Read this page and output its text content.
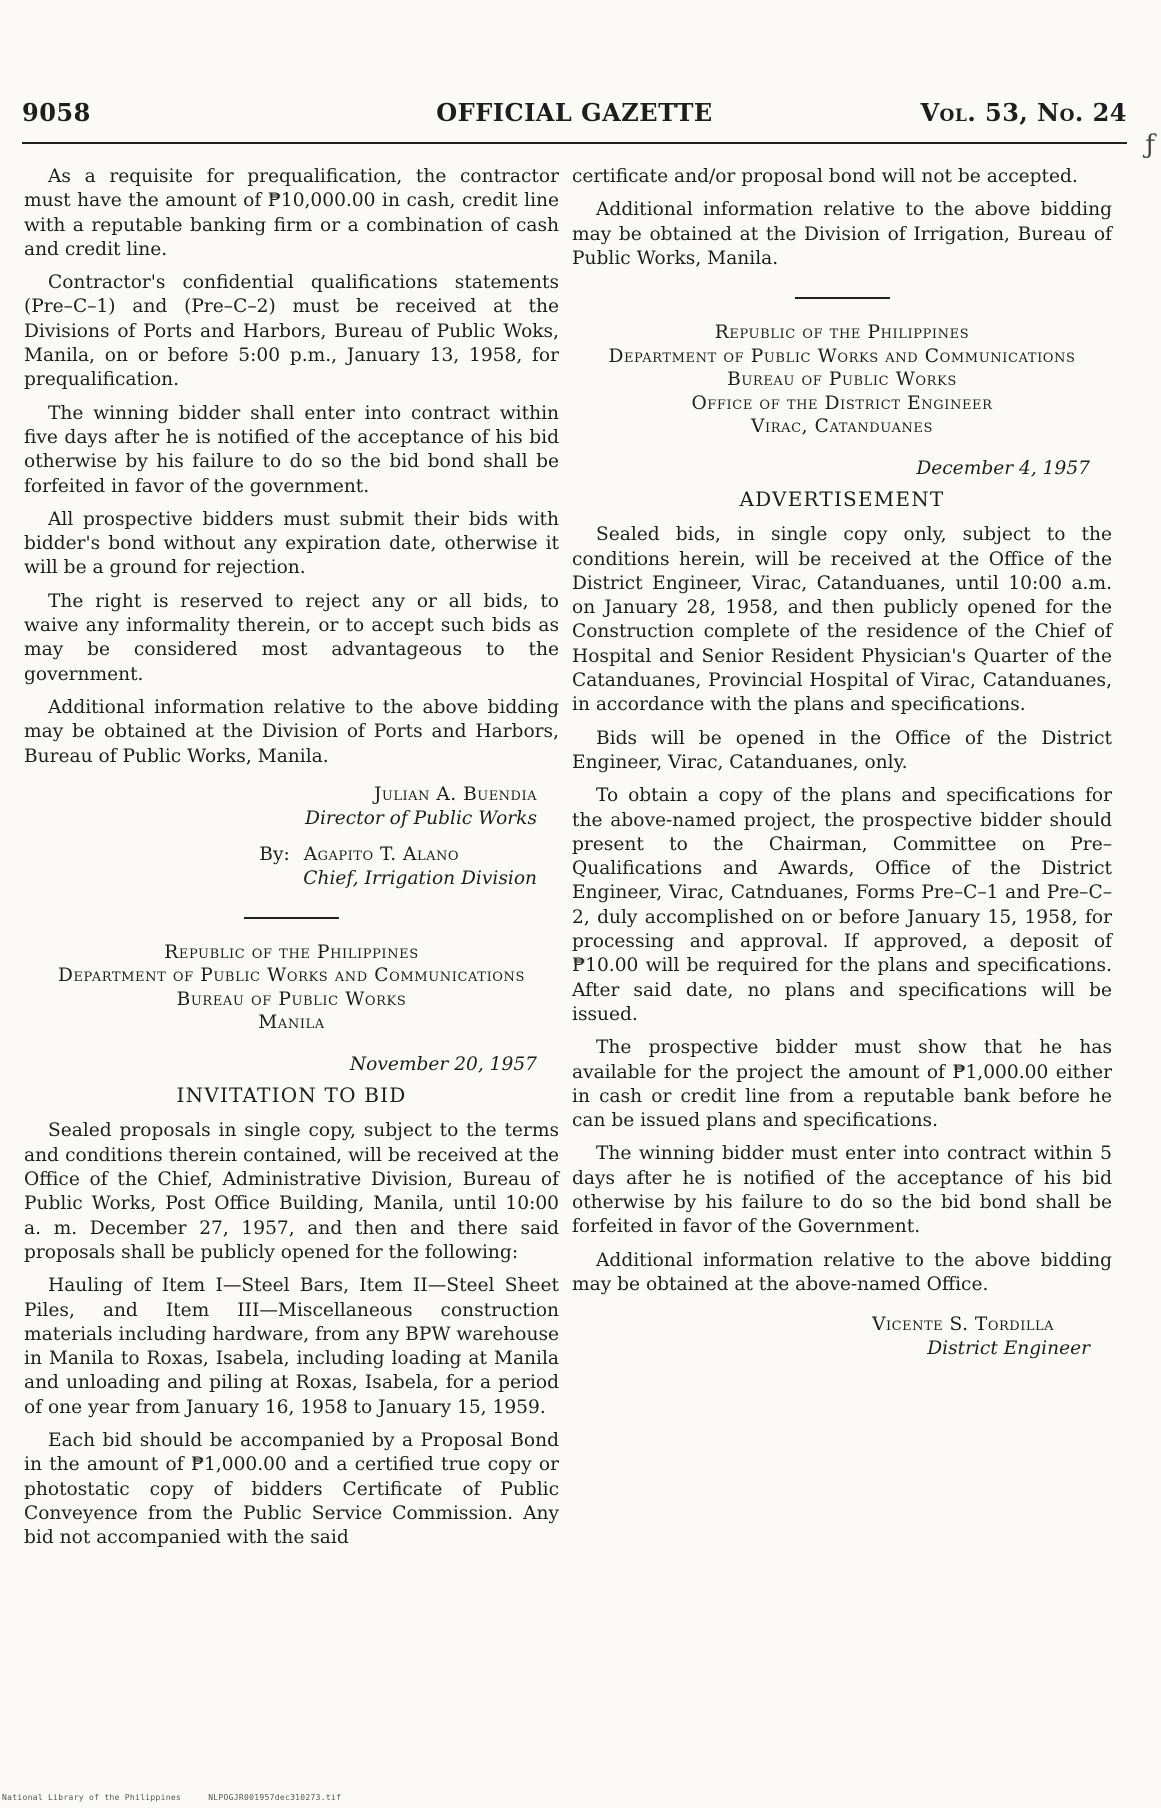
9058	OFFICIAL GAZETTE	Vol. 53, No. 24
ƒ

As a requisite for prequalification, the contractor must have the amount of ₱10,000.00 in cash, credit line with a reputable banking firm or a combination of cash and credit line.

Contractor's confidential qualifications statements (Pre–C–1) and (Pre–C–2) must be received at the Divisions of Ports and Harbors, Bureau of Public Woks, Manila, on or before 5:00 p.m., January 13, 1958, for prequalification.

The winning bidder shall enter into contract within five days after he is notified of the acceptance of his bid otherwise by his failure to do so the bid bond shall be forfeited in favor of the government.

All prospective bidders must submit their bids with bidder's bond without any expiration date, otherwise it will be a ground for rejection.

The right is reserved to reject any or all bids, to waive any informality therein, or to accept such bids as may be considered most advantageous to the government.

Additional information relative to the above bidding may be obtained at the Division of Ports and Harbors, Bureau of Public Works, Manila.

Julian A. Buendia
Director of Public Works
By: Agapito T. Alano
Chief, Irrigation Division
Republic of the Philippines
Department of Public Works and Communications
Bureau of Public Works
Manila
November 20, 1957
INVITATION TO BID

Sealed proposals in single copy, subject to the terms and conditions therein contained, will be received at the Office of the Chief, Administrative Division, Bureau of Public Works, Post Office Building, Manila, until 10:00 a. m. December 27, 1957, and then and there said proposals shall be publicly opened for the following:

Hauling of Item I—Steel Bars, Item II—Steel Sheet Piles, and Item III—Miscellaneous construction materials including hardware, from any BPW warehouse in Manila to Roxas, Isabela, including loading at Manila and unloading and piling at Roxas, Isabela, for a period of one year from January 16, 1958 to January 15, 1959.

Each bid should be accompanied by a Proposal Bond in the amount of ₱1,000.00 and a certified true copy or photostatic copy of bidders Certificate of Public Conveyence from the Public Service Commission. Any bid not accompanied with the said

certificate and/or proposal bond will not be accepted.

Additional information relative to the above bidding may be obtained at the Division of Irrigation, Bureau of Public Works, Manila.

Republic of the Philippines
Department of Public Works and Communications
Bureau of Public Works
Office of the District Engineer
Virac, Catanduanes
December 4, 1957
ADVERTISEMENT

Sealed bids, in single copy only, subject to the conditions herein, will be received at the Office of the District Engineer, Virac, Catanduanes, until 10:00 a.m. on January 28, 1958, and then publicly opened for the Construction complete of the residence of the Chief of Hospital and Senior Resident Physician's Quarter of the Catanduanes, Provincial Hospital of Virac, Catanduanes, in accordance with the plans and specifications.

Bids will be opened in the Office of the District Engineer, Virac, Catanduanes, only.

To obtain a copy of the plans and specifications for the above-named project, the prospective bidder should present to the Chairman, Committee on Pre–Qualifications and Awards, Office of the District Engineer, Virac, Catnduanes, Forms Pre–C–1 and Pre–C–2, duly accomplished on or before January 15, 1958, for processing and approval. If approved, a deposit of ₱10.00 will be required for the plans and specifications. After said date, no plans and specifications will be issued.

The prospective bidder must show that he has available for the project the amount of ₱1,000.00 either in cash or credit line from a reputable bank before he can be issued plans and specifications.

The winning bidder must enter into contract within 5 days after he is notified of the acceptance of his bid otherwise by his failure to do so the bid bond shall be forfeited in favor of the Government.

Additional information relative to the above bidding may be obtained at the above-named Office.

Vicente S. Tordilla
District Engineer
National Library of the Philippines	NLPOGJR001957dec310273.tif
